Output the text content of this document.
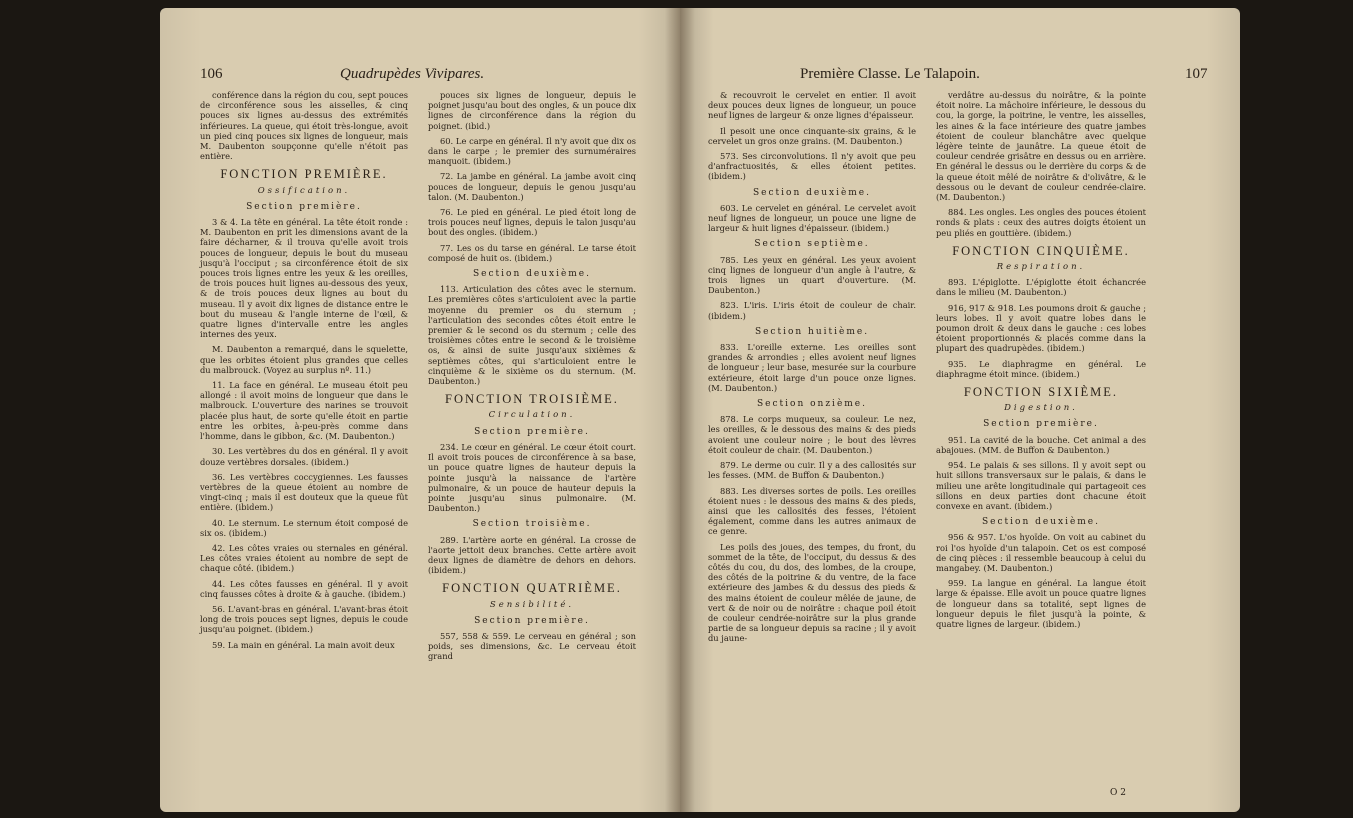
106	Quadrupèdes Vivipares.
conférence dans la région du cou, sept pouces de circonférence sous les aisselles, & cinq pouces six lignes au-dessus des extrémités inférieures. La queue, qui étoit très-longue, avoit un pied cinq pouces six lignes de longueur, mais M. Daubenton soupçonne qu'elle n'étoit pas entière.
FONCTION PREMIÈRE.
Ossification.
Section première.
3 & 4. La tête en général. La tête étoit ronde : M. Daubenton en prit les dimensions avant de la faire décharner, & il trouva qu'elle avoit trois pouces de longueur, depuis le bout du museau jusqu'à l'occiput ; sa circonférence étoit de six pouces trois lignes entre les yeux & les oreilles, de trois pouces huit lignes au-dessous des yeux, & de trois pouces deux lignes au bout du museau. Il y avoit dix lignes de distance entre le bout du museau & l'angle interne de l'œil, & quatre lignes d'intervalle entre les angles internes des yeux.
M. Daubenton a remarqué, dans le squelette, que les orbites étoient plus grandes que celles du malbrouck. (Voyez au surplus nº. 11.)
11. La face en général. Le museau étoit peu allongé : il avoit moins de longueur que dans le malbrouck. L'ouverture des narines se trouvoit placée plus haut, de sorte qu'elle étoit en partie entre les orbites, à-peu-près comme dans l'homme, dans le gibbon, &c. (M. Daubenton.)
30. Les vertèbres du dos en général. Il y avoit douze vertèbres dorsales. (ibidem.)
36. Les vertèbres coccygiennes. Les fausses vertèbres de la queue étoient au nombre de vingt-cinq ; mais il est douteux que la queue fût entière. (ibidem.)
40. Le sternum. Le sternum étoit composé de six os. (ibidem.)
42. Les côtes vraies ou sternales en général. Les côtes vraies étoient au nombre de sept de chaque côté. (ibidem.)
44. Les côtes fausses en général. Il y avoit cinq fausses côtes à droite & à gauche. (ibidem.)
56. L'avant-bras en général. L'avant-bras étoit long de trois pouces sept lignes, depuis le coude jusqu'au poignet. (ibidem.)
59. La main en général. La main avoit deux
pouces six lignes de longueur, depuis le poignet jusqu'au bout des ongles, & un pouce dix lignes de circonférence dans la région du poignet. (ibid.)
60. Le carpe en général. Il n'y avoit que dix os dans le carpe ; le premier des surnuméraires manquoit. (ibidem.)
72. La jambe en général. La jambe avoit cinq pouces de longueur, depuis le genou jusqu'au talon. (M. Daubenton.)
76. Le pied en général. Le pied étoit long de trois pouces neuf lignes, depuis le talon jusqu'au bout des ongles. (ibidem.)
77. Les os du tarse en général. Le tarse étoit composé de huit os. (ibidem.)
Section deuxième.
113. Articulation des côtes avec le sternum. Les premières côtes s'articuloient avec la partie moyenne du premier os du sternum ; l'articulation des secondes côtes étoit entre le premier & le second os du sternum ; celle des troisièmes côtes entre le second & le troisième os, & ainsi de suite jusqu'aux sixièmes & septièmes côtes, qui s'articuloient entre le cinquième & le sixième os du sternum. (M. Daubenton.)
FONCTION TROISIÈME.
Circulation.
Section première.
234. Le cœur en général. Le cœur étoit court. Il avoit trois pouces de circonférence à sa base, un pouce quatre lignes de hauteur depuis la pointe jusqu'à la naissance de l'artère pulmonaire, & un pouce de hauteur depuis la pointe jusqu'au sinus pulmonaire. (M. Daubenton.)
Section troisième.
289. L'artère aorte en général. La crosse de l'aorte jettoit deux branches. Cette artère avoit deux lignes de diamètre de dehors en dehors. (ibidem.)
FONCTION QUATRIÈME.
Sensibilité.
Section première.
557, 558 & 559. Le cerveau en général ; son poids, ses dimensions, &c. Le cerveau étoit grand
Première Classe. Le Talapoin.	107
& recouvroit le cervelet en entier. Il avoit deux pouces deux lignes de longueur, un pouce neuf lignes de largeur & onze lignes d'épaisseur.
Il pesoit une once cinquante-six grains, & le cervelet un gros onze grains. (M. Daubenton.)
573. Ses circonvolutions. Il n'y avoit que peu d'anfractuosités, & elles étoient petites. (ibidem.)
Section deuxième.
603. Le cervelet en général. Le cervelet avoit neuf lignes de longueur, un pouce une ligne de largeur & huit lignes d'épaisseur. (ibidem.)
Section septième.
785. Les yeux en général. Les yeux avoient cinq lignes de longueur d'un angle à l'autre, & trois lignes un quart d'ouverture. (M. Daubenton.)
823. L'iris. L'iris étoit de couleur de chair. (ibidem.)
Section huitième.
833. L'oreille externe. Les oreilles sont grandes & arrondies ; elles avoient neuf lignes de longueur ; leur base, mesurée sur la courbure extérieure, étoit large d'un pouce onze lignes. (M. Daubenton.)
Section onzième.
878. Le corps muqueux, sa couleur. Le nez, les oreilles, & le dessous des mains & des pieds avoient une couleur noire ; le bout des lèvres étoit couleur de chair. (M. Daubenton.)
879. Le derme ou cuir. Il y a des callosités sur les fesses. (MM. de Buffon & Daubenton.)
883. Les diverses sortes de poils. Les oreilles étoient nues : le dessous des mains & des pieds, ainsi que les callosités des fesses, l'étoient également, comme dans les autres animaux de ce genre.
Les poils des joues, des tempes, du front, du sommet de la tête, de l'occiput, du dessus & des côtés du cou, du dos, des lombes, de la croupe, des côtés de la poitrine & du ventre, de la face extérieure des jambes & du dessus des pieds & des mains étoient de couleur mêlée de jaune, de vert & de noir ou de noirâtre : chaque poil étoit de couleur cendrée-noirâtre sur la plus grande partie de sa longueur depuis sa racine ; il y avoit du jaune-
verdâtre au-dessus du noirâtre, & la pointe étoit noire. La mâchoire inférieure, le dessous du cou, la gorge, la poitrine, le ventre, les aisselles, les aines & la face intérieure des quatre jambes étoient de couleur blanchâtre avec quelque légère teinte de jaunâtre. La queue étoit de couleur cendrée grisâtre en dessus ou en arrière. En général le dessus ou le derrière du corps & de la queue étoit mêlé de noirâtre & d'olivâtre, & le dessous ou le devant de couleur cendrée-claire. (M. Daubenton.)
884. Les ongles. Les ongles des pouces étoient ronds & plats : ceux des autres doigts étoient un peu pliés en gouttière. (ibidem.)
FONCTION CINQUIÈME.
Respiration.
893. L'épiglotte. L'épiglotte étoit échancrée dans le milieu (M. Daubenton.)
916, 917 & 918. Les poumons droit & gauche ; leurs lobes. Il y avoit quatre lobes dans le poumon droit & deux dans le gauche : ces lobes étoient proportionnés & placés comme dans la plupart des quadrupèdes. (ibidem.)
935. Le diaphragme en général. Le diaphragme étoit mince. (ibidem.)
FONCTION SIXIÈME.
Digestion.
Section première.
951. La cavité de la bouche. Cet animal a des abajoues. (MM. de Buffon & Daubenton.)
954. Le palais & ses sillons. Il y avoit sept ou huit sillons transversaux sur le palais, & dans le milieu une arête longitudinale qui partageoit ces sillons en deux parties dont chacune étoit convexe en avant. (ibidem.)
Section deuxième.
956 & 957. L'os hyoïde. On voit au cabinet du roi l'os hyoïde d'un talapoin. Cet os est composé de cinq pièces : il ressemble beaucoup à celui du mangabey. (M. Daubenton.)
959. La langue en général. La langue étoit large & épaisse. Elle avoit un pouce quatre lignes de longueur dans sa totalité, sept lignes de longueur depuis le filet jusqu'à la pointe, & quatre lignes de largeur. (ibidem.)
O 2
